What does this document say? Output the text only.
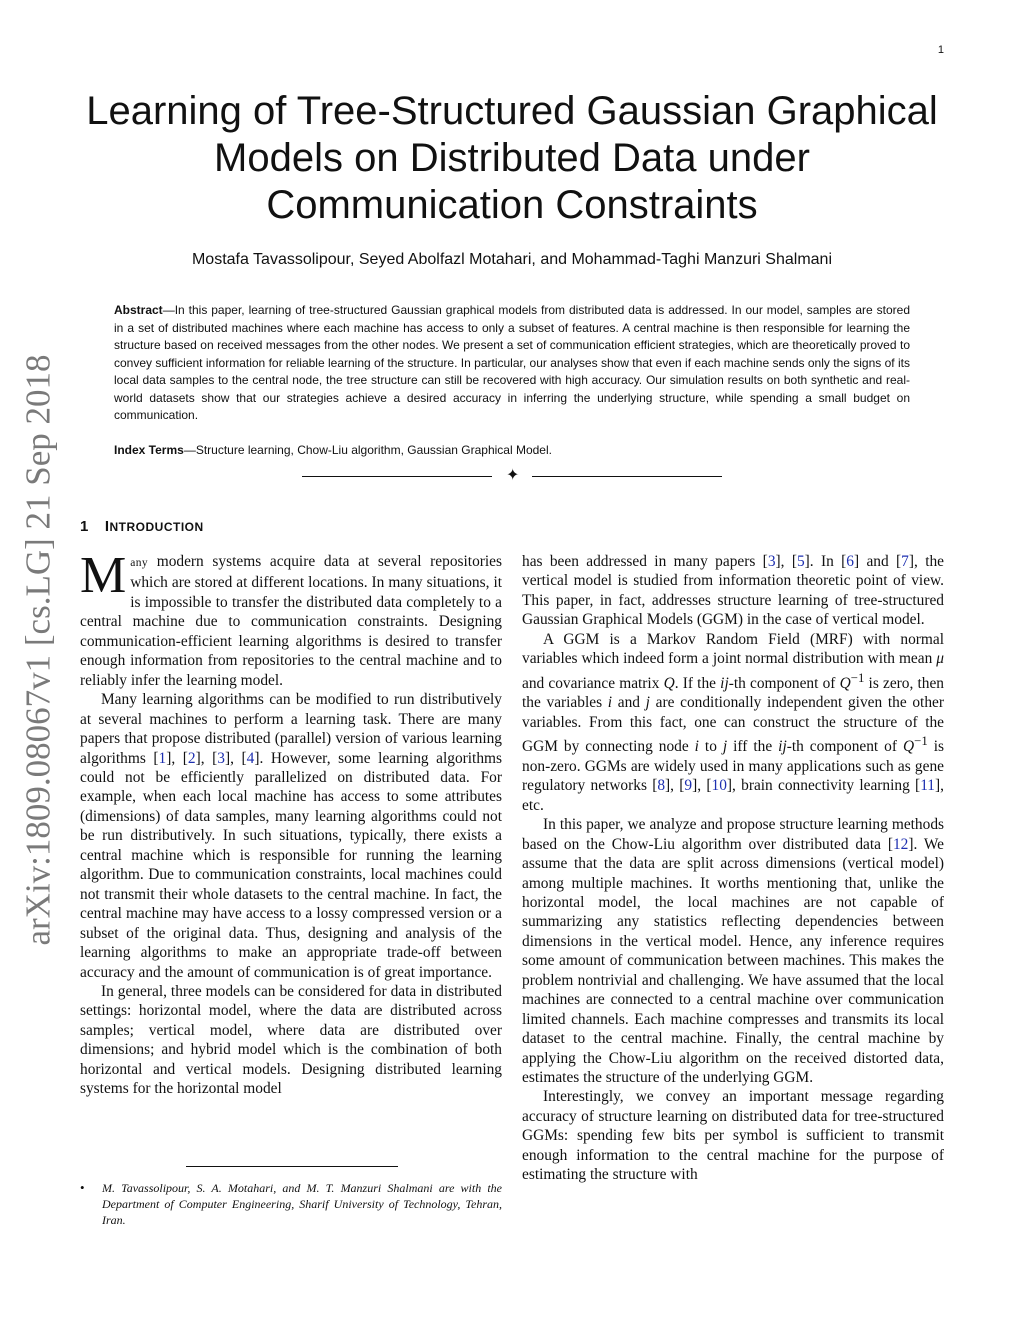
1
arXiv:1809.08067v1 [cs.LG] 21 Sep 2018
Learning of Tree-Structured Gaussian Graphical
Models on Distributed Data under
Communication Constraints
Mostafa Tavassolipour, Seyed Abolfazl Motahari, and Mohammad-Taghi Manzuri Shalmani
Abstract—In this paper, learning of tree-structured Gaussian graphical models from distributed data is addressed. In our model, samples are stored in a set of distributed machines where each machine has access to only a subset of features. A central machine is then responsible for learning the structure based on received messages from the other nodes. We present a set of communication efficient strategies, which are theoretically proved to convey sufficient information for reliable learning of the structure. In particular, our analyses show that even if each machine sends only the signs of its local data samples to the central node, the tree structure can still be recovered with high accuracy. Our simulation results on both synthetic and real-world datasets show that our strategies achieve a desired accuracy in inferring the underlying structure, while spending a small budget on communication.
Index Terms—Structure learning, Chow-Liu algorithm, Gaussian Graphical Model.
✦
1 INTRODUCTION

Many modern systems acquire data at several repositories which are stored at different locations. In many situations, it is impossible to transfer the distributed data completely to a central machine due to communication constraints. Designing communication-efficient learning algorithms is desired to transfer enough information from repositories to the central machine and to reliably infer the learning model.

Many learning algorithms can be modified to run distributively at several machines to perform a learning task. There are many papers that propose distributed (parallel) version of various learning algorithms [1], [2], [3], [4]. However, some learning algorithms could not be efficiently parallelized on distributed data. For example, when each local machine has access to some attributes (dimensions) of data samples, many learning algorithms could not be run distributively. In such situations, typically, there exists a central machine which is responsible for running the learning algorithm. Due to communication constraints, local machines could not transmit their whole datasets to the central machine. In fact, the central machine may have access to a lossy compressed version or a subset of the original data. Thus, designing and analysis of the learning algorithms to make an appropriate trade-off between accuracy and the amount of communication is of great importance.

In general, three models can be considered for data in distributed settings: horizontal model, where the data are distributed across samples; vertical model, where data are distributed over dimensions; and hybrid model which is the combination of both horizontal and vertical models. Designing distributed learning systems for the horizontal model

has been addressed in many papers [3], [5]. In [6] and [7], the vertical model is studied from information theoretic point of view. This paper, in fact, addresses structure learning of tree-structured Gaussian Graphical Models (GGM) in the case of vertical model.

A GGM is a Markov Random Field (MRF) with normal variables which indeed form a joint normal distribution with mean μ and covariance matrix Q. If the ij-th component of $Q^{-1}$ is zero, then the variables i and j are conditionally independent given the other variables. From this fact, one can construct the structure of the GGM by connecting node i to j iff the ij-th component of $Q^{-1}$ is non-zero. GGMs are widely used in many applications such as gene regulatory networks [8], [9], [10], brain connectivity learning [11], etc.

In this paper, we analyze and propose structure learning methods based on the Chow-Liu algorithm over distributed data [12]. We assume that the data are split across dimensions (vertical model) among multiple machines. It worths mentioning that, unlike the horizontal model, the local machines are not capable of summarizing any statistics reflecting dependencies between dimensions in the vertical model. Hence, any inference requires some amount of communication between machines. This makes the problem nontrivial and challenging. We have assumed that the local machines are connected to a central machine over communication limited channels. Each machine compresses and transmits its local dataset to the central machine. Finally, the central machine by applying the Chow-Liu algorithm on the received distorted data, estimates the structure of the underlying GGM.

Interestingly, we convey an important message regarding accuracy of structure learning on distributed data for tree-structured GGMs: spending few bits per symbol is sufficient to transmit enough information to the central machine for the purpose of estimating the structure with

•	M. Tavassolipour, S. A. Motahari, and M. T. Manzuri Shalmani are with the Department of Computer Engineering, Sharif University of Technology, Tehran, Iran.
